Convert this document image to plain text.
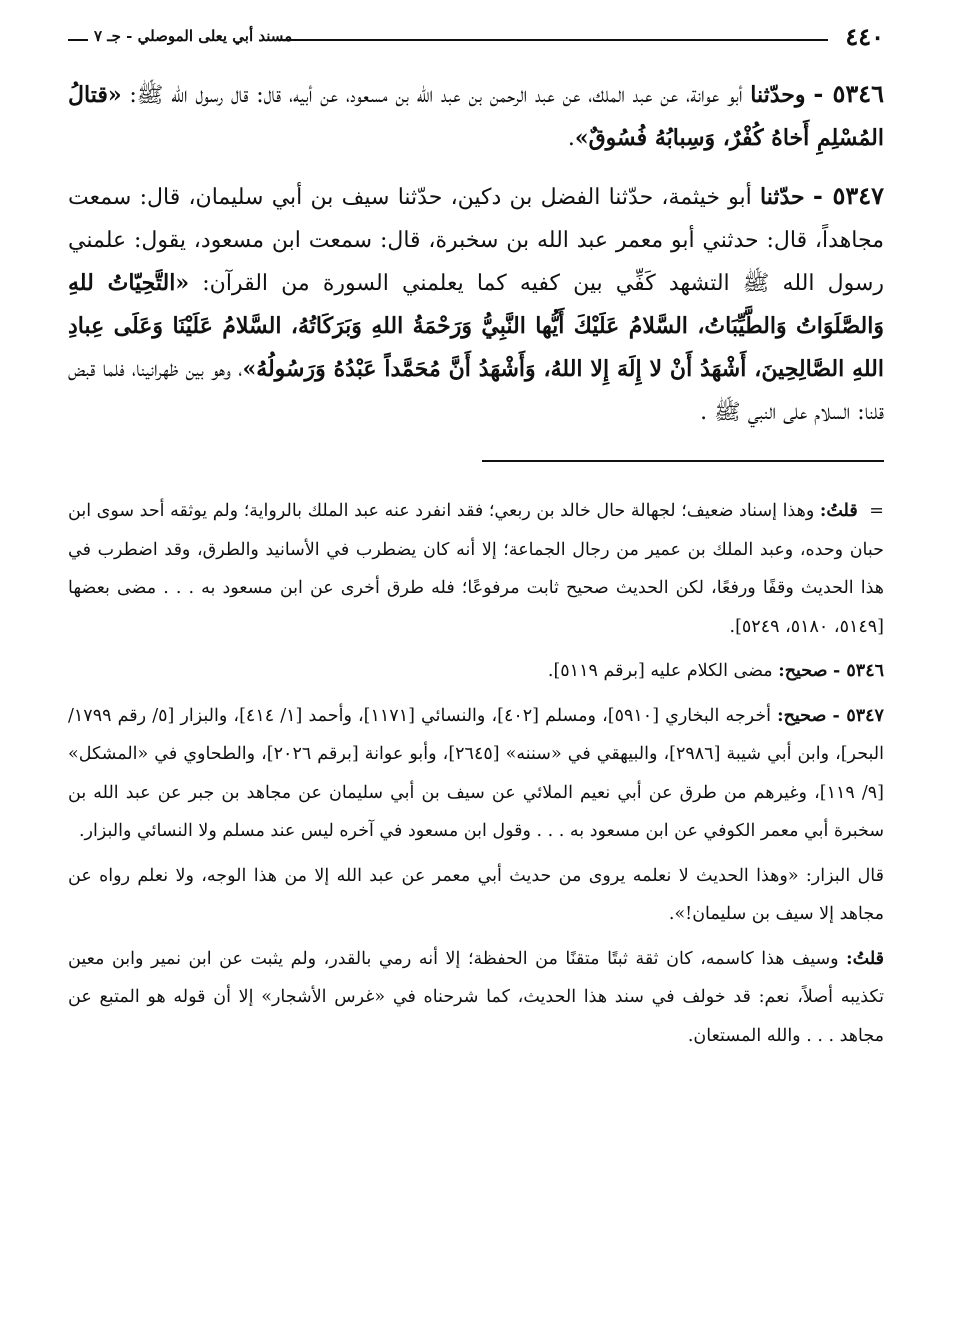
٤٤٠
مسند أبي يعلى الموصلي - جـ ٧

٥٣٤٦ - وحدّثنا أبو عوانة، عن عبد الملك، عن عبد الرحمن بن عبد الله بن مسعود، عن أبيه، قال: قال رسول الله ﷺ: «قتالُ المُسْلِمِ أَخاهُ كُفْرٌ، وَسِبابُهُ فُسُوقٌ».

٥٣٤٧ - حدّثنا أبو خيثمة، حدّثنا الفضل بن دكين، حدّثنا سيف بن أبي سليمان، قال: سمعت مجاهداً، قال: حدثني أبو معمر عبد الله بن سخبرة، قال: سمعت ابن مسعود، يقول: علمني رسول الله ﷺ التشهد كَفِّي بين كفيه كما يعلمني السورة من القرآن: «التَّحِيّاتُ للهِ وَالصَّلَوَاتُ وَالطَّيِّبَاتُ، السَّلامُ عَلَيْكَ أَيُّها النَّبِيُّ وَرَحْمَةُ اللهِ وَبَرَكَاتُهُ، السَّلامُ عَلَيْنَا وَعَلَى عِبادِ اللهِ الصَّالِحِينَ، أَشْهَدُ أَنْ لا إِلَهَ إِلا اللهُ، وَأَشْهَدُ أَنَّ مُحَمَّداً عَبْدُهُ وَرَسُولُهُ»، وهو بين ظهرانينا، فلما قبض قلنا: السلام على النبي ﷺ .

= قلتُ: وهذا إسناد ضعيف؛ لجهالة حال خالد بن ربعي؛ فقد انفرد عنه عبد الملك بالرواية؛ ولم يوثقه أحد سوى ابن حبان وحده، وعبد الملك بن عمير من رجال الجماعة؛ إلا أنه كان يضطرب في الأسانيد والطرق، وقد اضطرب في هذا الحديث وقفًا ورفعًا، لكن الحديث صحيح ثابت مرفوعًا؛ فله طرق أخرى عن ابن مسعود به . . . مضى بعضها [٥١٤٩، ٥١٨٠، ٥٢٤٩].

٥٣٤٦ - صحيح: مضى الكلام عليه [برقم ٥١١٩].

٥٣٤٧ - صحيح: أخرجه البخاري [٥٩١٠]، ومسلم [٤٠٢]، والنسائي [١١٧١]، وأحمد [١/ ٤١٤]، والبزار [٥/ رقم ١٧٩٩/ البحر]، وابن أبي شيبة [٢٩٨٦]، والبيهقي في «سننه» [٢٦٤٥]، وأبو عوانة [برقم ٢٠٢٦]، والطحاوي في «المشكل» [٩/ ١١٩]، وغيرهم من طرق عن أبي نعيم الملائي عن سيف بن أبي سليمان عن مجاهد بن جبر عن عبد الله بن سخبرة أبي معمر الكوفي عن ابن مسعود به . . . وقول ابن مسعود في آخره ليس عند مسلم ولا النسائي والبزار.

قال البزار: «وهذا الحديث لا نعلمه يروى من حديث أبي معمر عن عبد الله إلا من هذا الوجه، ولا نعلم رواه عن مجاهد إلا سيف بن سليمان!».

قلتُ: وسيف هذا كاسمه، كان ثقة ثبتًا متقنًا من الحفظة؛ إلا أنه رمي بالقدر، ولم يثبت عن ابن نمير وابن معين تكذيبه أصلاً، نعم: قد خولف في سند هذا الحديث، كما شرحناه في «غرس الأشجار» إلا أن قوله هو المتبع عن مجاهد . . . والله المستعان.
